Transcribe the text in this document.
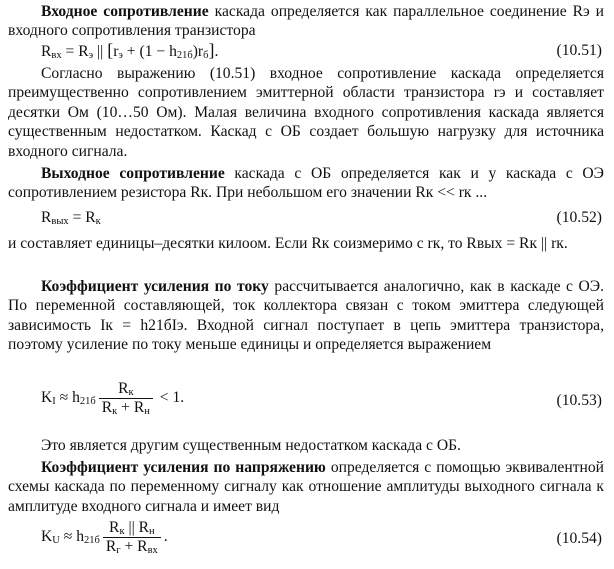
Входное сопротивление каскада определяется как параллельное соединение Rэ и входного сопротивления транзистора
$R_{вх} = R_э$ || $[r_э + (1 - h_{21б})r_б]$.	(10.51)
Согласно выражению (10.51) входное сопротивление каскада определяется преимущественно сопротивлением эмиттерной области транзистора rэ и составляет десятки Ом (10…50 Ом). Малая величина входного сопротивления каскада является существенным недостатком. Каскад с ОБ создает большую нагрузку для источника входного сигнала.
Выходное сопротивление каскада с ОБ определяется как и у каскада с ОЭ сопротивлением резистора Rк. При небольшом его значении Rк << rк ...
$R_{вых} = R_к$	(10.52)
и составляет единицы–десятки килоом. Если Rк соизмеримо с rк, то Rвых = Rк || rк.
Коэффициент усиления по току рассчитывается аналогично, как в каскаде с ОЭ. По переменной составляющей, ток коллектора связан с током эмиттера следующей зависимость Iк = h21бIэ. Входной сигнал поступает в цепь эмиттера транзистора, поэтому усиление по току меньше единицы и определяется выражением
$K_I \approx h_{21б} \frac{R_к}{R_к + R_н} < 1$.	(10.53)
Это является другим существенным недостатком каскада с ОБ.
Коэффициент усиления по напряжению определяется с помощью эквивалентной схемы каскада по переменному сигналу как отношение амплитуды выходного сигнала к амплитуде входного сигнала и имеет вид
$K_U \approx h_{21б} \frac{R_к || R_н}{R_г + R_{вх}}$ .	(10.54)
